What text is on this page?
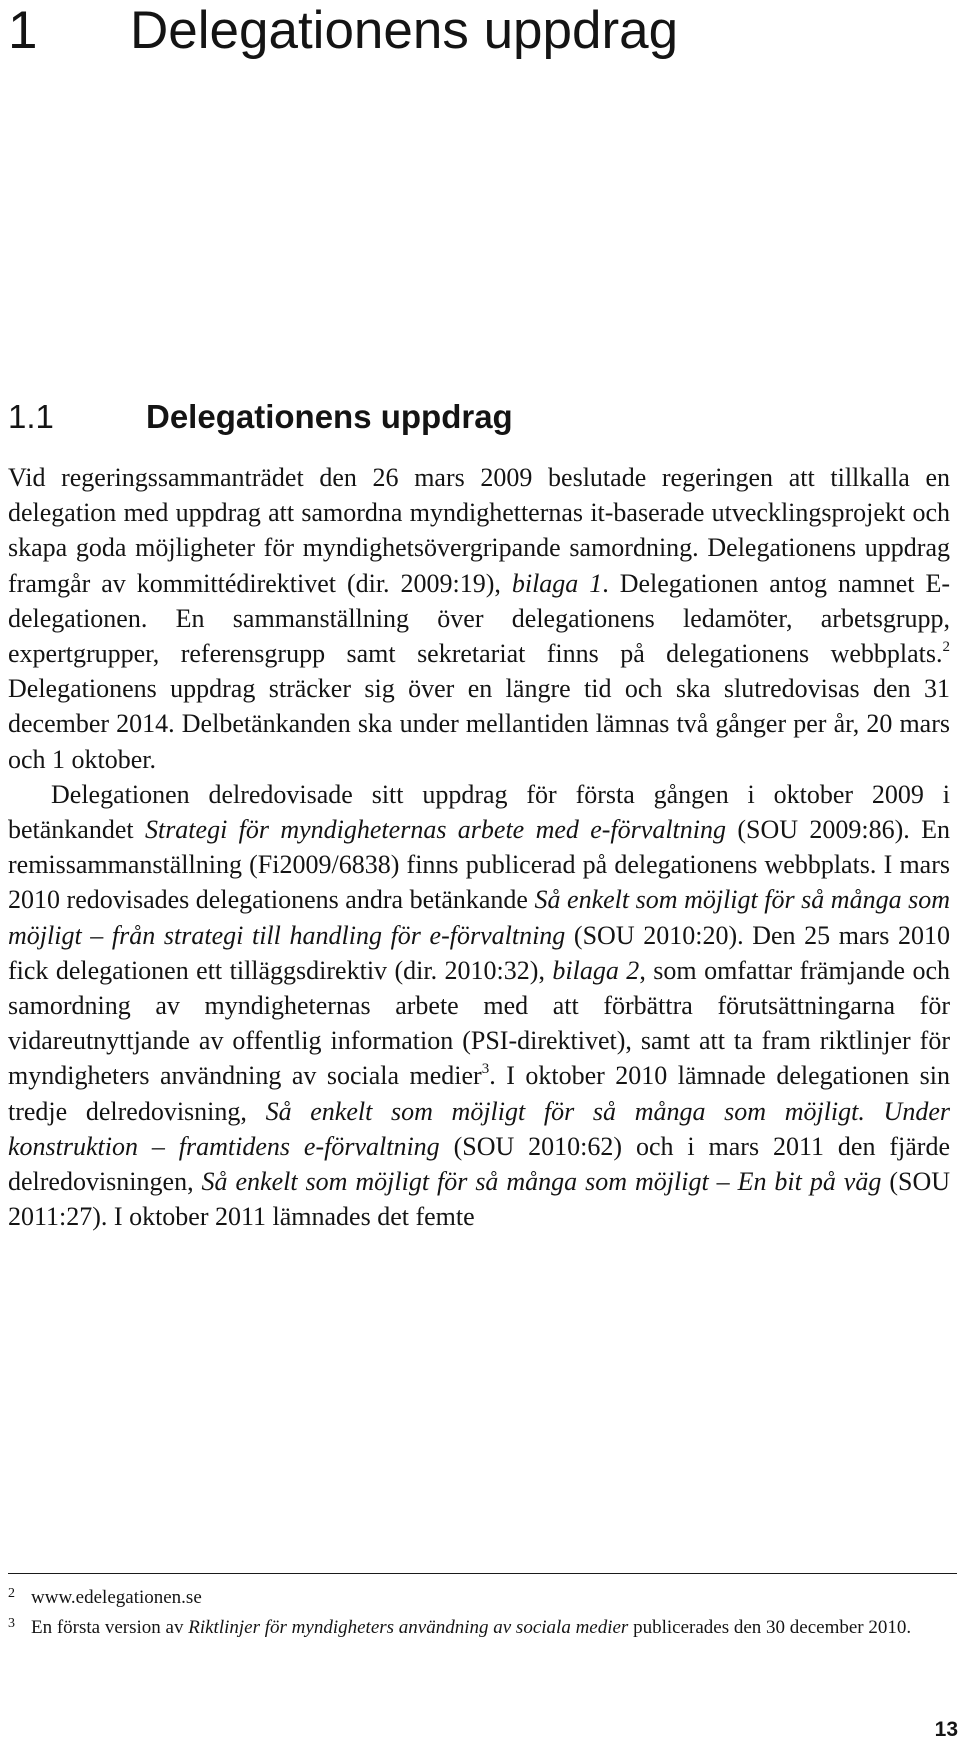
1 Delegationens uppdrag
1.1	Delegationens uppdrag

Vid regeringssammanträdet den 26 mars 2009 beslutade regeringen att tillkalla en delegation med uppdrag att samordna myndighetternas it-baserade utvecklingsprojekt och skapa goda möjligheter för myndighetsövergripande samordning. Delegationens uppdrag framgår av kommittédirektivet (dir. 2009:19), bilaga 1. Delegationen antog namnet E-delegationen. En sammanställning över delegationens ledamöter, arbetsgrupp, expertgrupper, referensgrupp samt sekretariat finns på delegationens webbplats.$^2$ Delegationens uppdrag sträcker sig över en längre tid och ska slutredovisas den 31 december 2014. Delbetänkanden ska under mellantiden lämnas två gånger per år, 20 mars och 1 oktober.

Delegationen delredovisade sitt uppdrag för första gången i oktober 2009 i betänkandet Strategi för myndigheternas arbete med e-förvaltning (SOU 2009:86). En remissammanställning (Fi2009/6838) finns publicerad på delegationens webbplats. I mars 2010 redovisades delegationens andra betänkande Så enkelt som möjligt för så många som möjligt – från strategi till handling för e-förvaltning (SOU 2010:20). Den 25 mars 2010 fick delegationen ett tilläggsdirektiv (dir. 2010:32), bilaga 2, som omfattar främjande och samordning av myndigheternas arbete med att förbättra förutsättningarna för vidareutnyttjande av offentlig information (PSI-direktivet), samt att ta fram riktlinjer för myndigheters användning av sociala medier$^3$. I oktober 2010 lämnade delegationen sin tredje delredovisning, Så enkelt som möjligt för så många som möjligt. Under konstruktion – framtidens e-förvaltning (SOU 2010:62) och i mars 2011 den fjärde delredovisningen, Så enkelt som möjligt för så många som möjligt – En bit på väg (SOU 2011:27). I oktober 2011 lämnades det femte

2 www.edelegationen.se
3 En första version av Riktlinjer för myndigheters användning av sociala medier publicerades den 30 december 2010.
13
